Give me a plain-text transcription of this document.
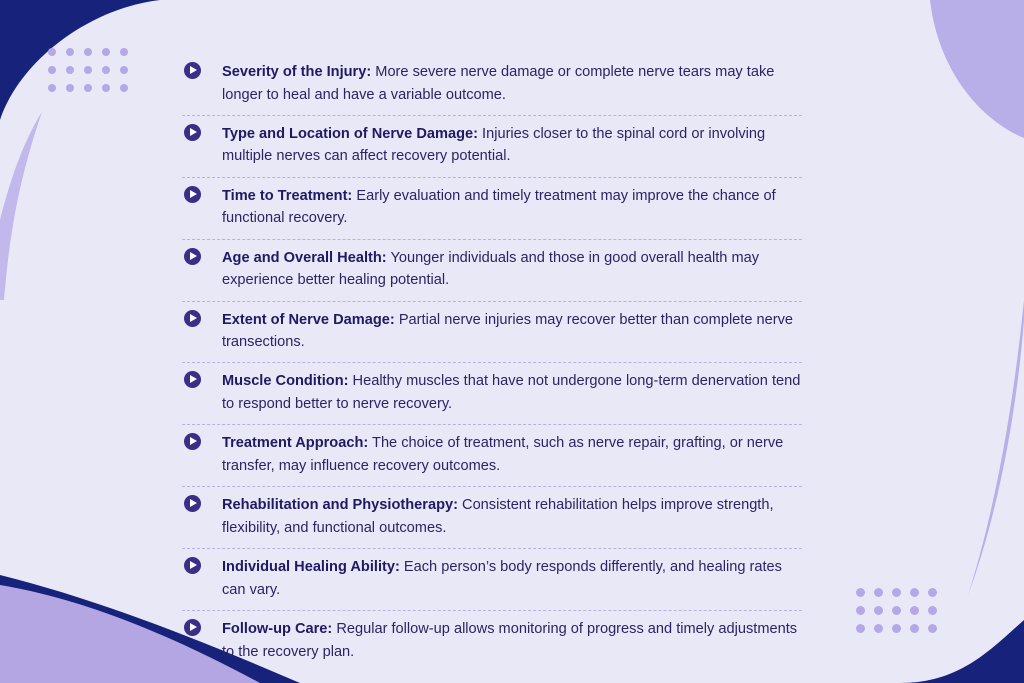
Severity of the Injury: More severe nerve damage or complete nerve tears may take longer to heal and have a variable outcome.

Type and Location of Nerve Damage: Injuries closer to the spinal cord or involving multiple nerves can affect recovery potential.

Time to Treatment: Early evaluation and timely treatment may improve the chance of functional recovery.

Age and Overall Health: Younger individuals and those in good overall health may experience better healing potential.

Extent of Nerve Damage: Partial nerve injuries may recover better than complete nerve transections.

Muscle Condition: Healthy muscles that have not undergone long-term denervation tend to respond better to nerve recovery.

Treatment Approach: The choice of treatment, such as nerve repair, grafting, or nerve transfer, may influence recovery outcomes.

Rehabilitation and Physiotherapy: Consistent rehabilitation helps improve strength, flexibility, and functional outcomes.

Individual Healing Ability: Each person’s body responds differently, and healing rates can vary.

Follow-up Care: Regular follow-up allows monitoring of progress and timely adjustments to the recovery plan.
